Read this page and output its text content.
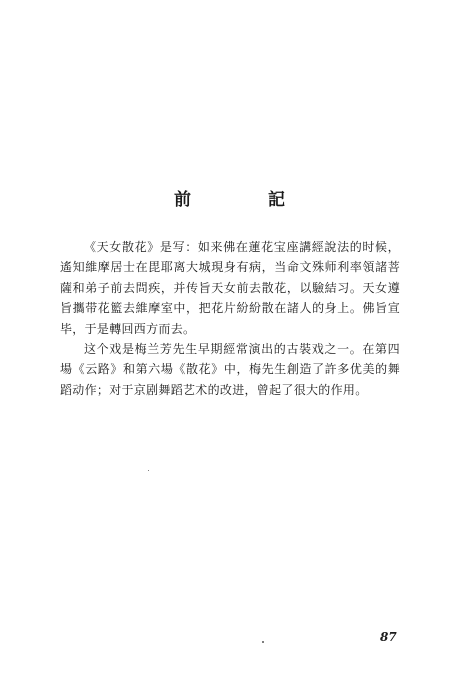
前　記

《天女散花》是写：如来佛在蓮花宝座講經說法的时候，遙知維摩居士在毘耶离大城現身有病，当命文殊师利率領諸菩薩和弟子前去問疾，并传旨天女前去散花，以驗結习。天女遵旨攜带花籃去維摩室中，把花片紛紛散在諸人的身上。佛旨宣毕，于是轉回西方而去。

这个戏是梅兰芳先生早期經常演出的古裝戏之一。在第四場《云路》和第六場《散花》中，梅先生創造了許多优美的舞蹈动作；对于京剧舞蹈艺术的改进，曾起了很大的作用。

87
